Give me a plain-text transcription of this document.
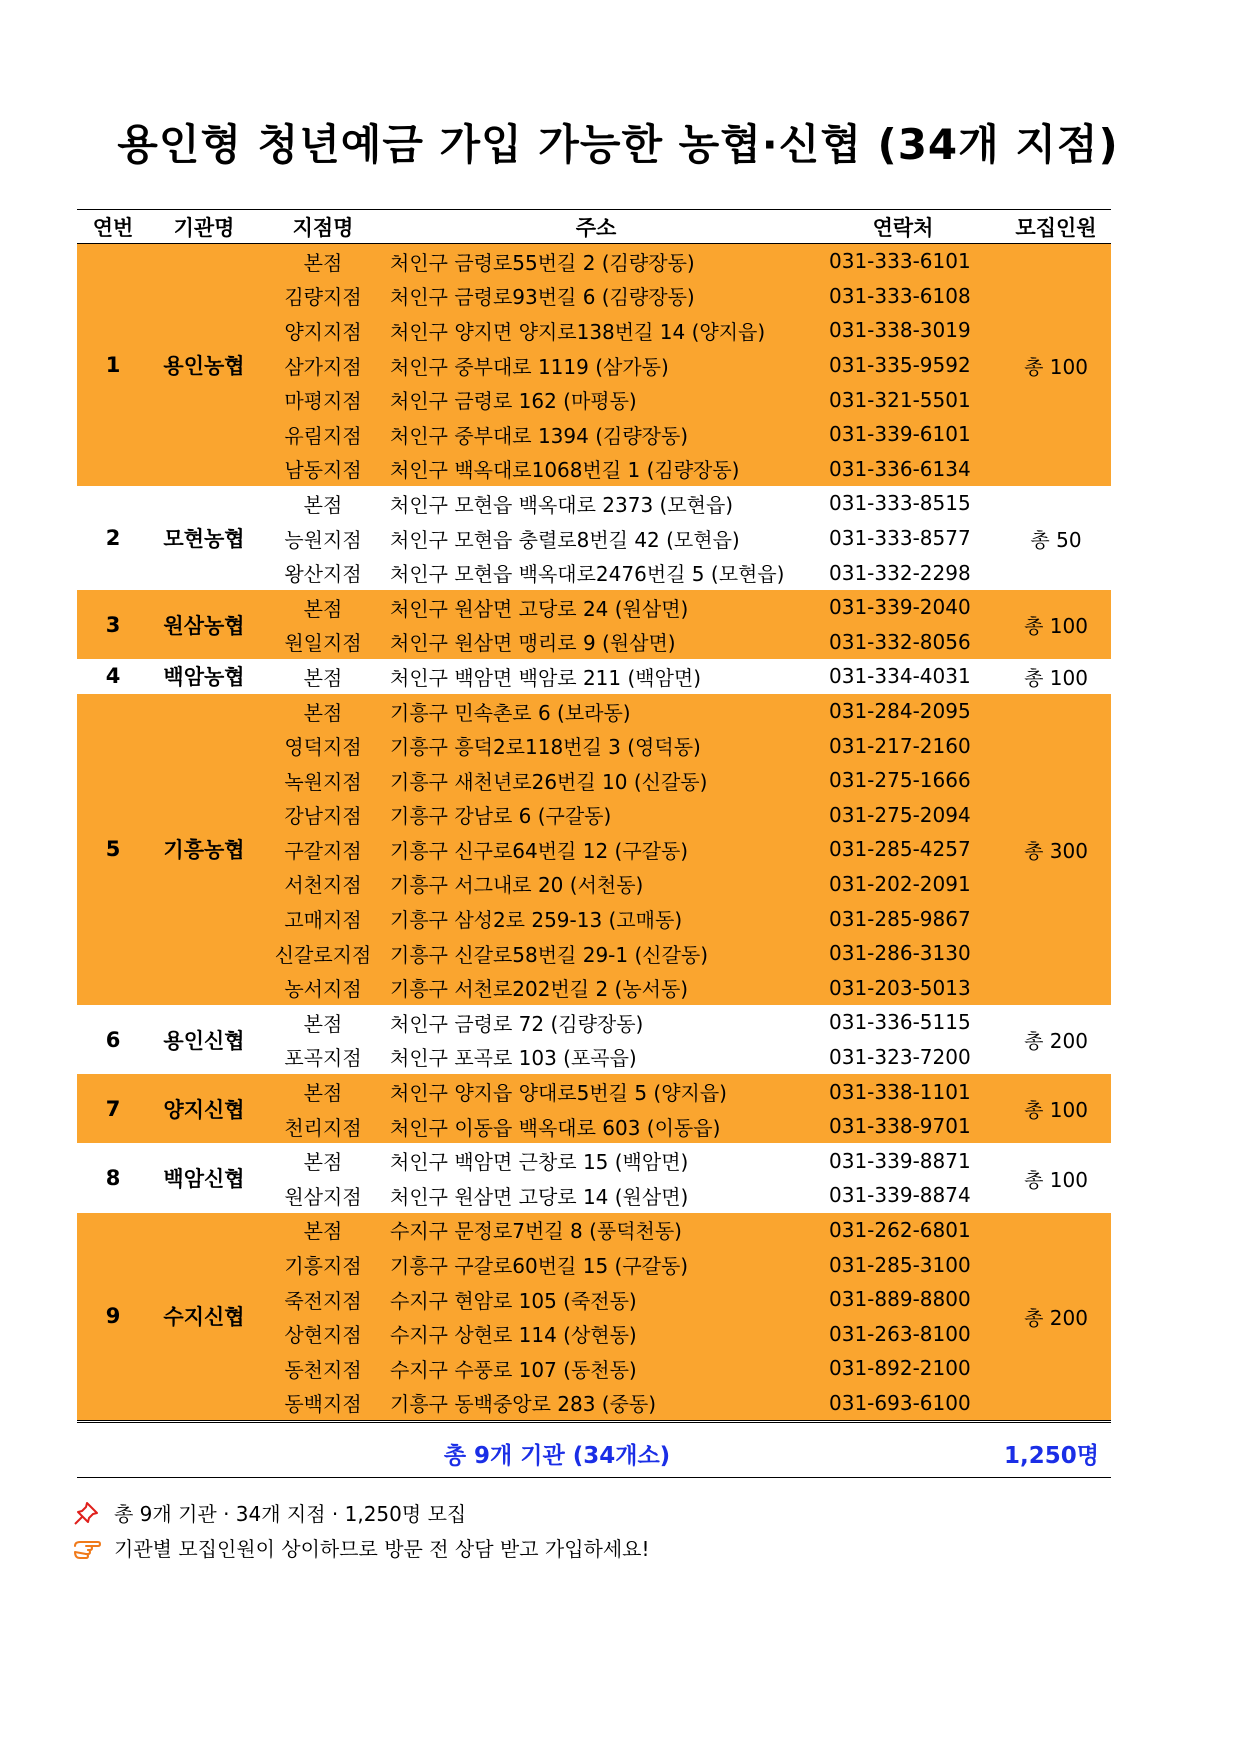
용인형 청년예금 가입 가능한 농협·신협 (34개 지점)
연번	기관명	지점명	주소	연락처	모집인원
1	용인농협	본점	처인구 금령로55번길 2 (김량장동)	031-333-6101	총 100
		김량지점	처인구 금령로93번길 6 (김량장동)	031-333-6108	
		양지지점	처인구 양지면 양지로138번길 14 (양지읍)	031-338-3019	
		삼가지점	처인구 중부대로 1119 (삼가동)	031-335-9592	
		마평지점	처인구 금령로 162 (마평동)	031-321-5501	
		유림지점	처인구 중부대로 1394 (김량장동)	031-339-6101	
		남동지점	처인구 백옥대로1068번길 1 (김량장동)	031-336-6134	
2	모현농협	본점	처인구 모현읍 백옥대로 2373 (모현읍)	031-333-8515	총 50
		능원지점	처인구 모현읍 충렬로8번길 42 (모현읍)	031-333-8577	
		왕산지점	처인구 모현읍 백옥대로2476번길 5 (모현읍)	031-332-2298	
3	원삼농협	본점	처인구 원삼면 고당로 24 (원삼면)	031-339-2040	총 100
		원일지점	처인구 원삼면 맹리로 9 (원삼면)	031-332-8056	
4	백암농협	본점	처인구 백암면 백암로 211 (백암면)	031-334-4031	총 100
5	기흥농협	본점	기흥구 민속촌로 6 (보라동)	031-284-2095	총 300
		영덕지점	기흥구 흥덕2로118번길 3 (영덕동)	031-217-2160	
		녹원지점	기흥구 새천년로26번길 10 (신갈동)	031-275-1666	
		강남지점	기흥구 강남로 6 (구갈동)	031-275-2094	
		구갈지점	기흥구 신구로64번길 12 (구갈동)	031-285-4257	
		서천지점	기흥구 서그내로 20 (서천동)	031-202-2091	
		고매지점	기흥구 삼성2로 259-13 (고매동)	031-285-9867	
		신갈로지점	기흥구 신갈로58번길 29-1 (신갈동)	031-286-3130	
		농서지점	기흥구 서천로202번길 2 (농서동)	031-203-5013	
6	용인신협	본점	처인구 금령로 72 (김량장동)	031-336-5115	총 200
		포곡지점	처인구 포곡로 103 (포곡읍)	031-323-7200	
7	양지신협	본점	처인구 양지읍 양대로5번길 5 (양지읍)	031-338-1101	총 100
		천리지점	처인구 이동읍 백옥대로 603 (이동읍)	031-338-9701	
8	백암신협	본점	처인구 백암면 근창로 15 (백암면)	031-339-8871	총 100
		원삼지점	처인구 원삼면 고당로 14 (원삼면)	031-339-8874	
9	수지신협	본점	수지구 문정로7번길 8 (풍덕천동)	031-262-6801	총 200
		기흥지점	기흥구 구갈로60번길 15 (구갈동)	031-285-3100	
		죽전지점	수지구 현암로 105 (죽전동)	031-889-8800	
		상현지점	수지구 상현로 114 (상현동)	031-263-8100	
		동천지점	수지구 수풍로 107 (동천동)	031-892-2100	
		동백지점	기흥구 동백중앙로 283 (중동)	031-693-6100	
총 9개 기관 (34개소)	1,250명
총 9개 기관 · 34개 지점 · 1,250명 모집
기관별 모집인원이 상이하므로 방문 전 상담 받고 가입하세요!
